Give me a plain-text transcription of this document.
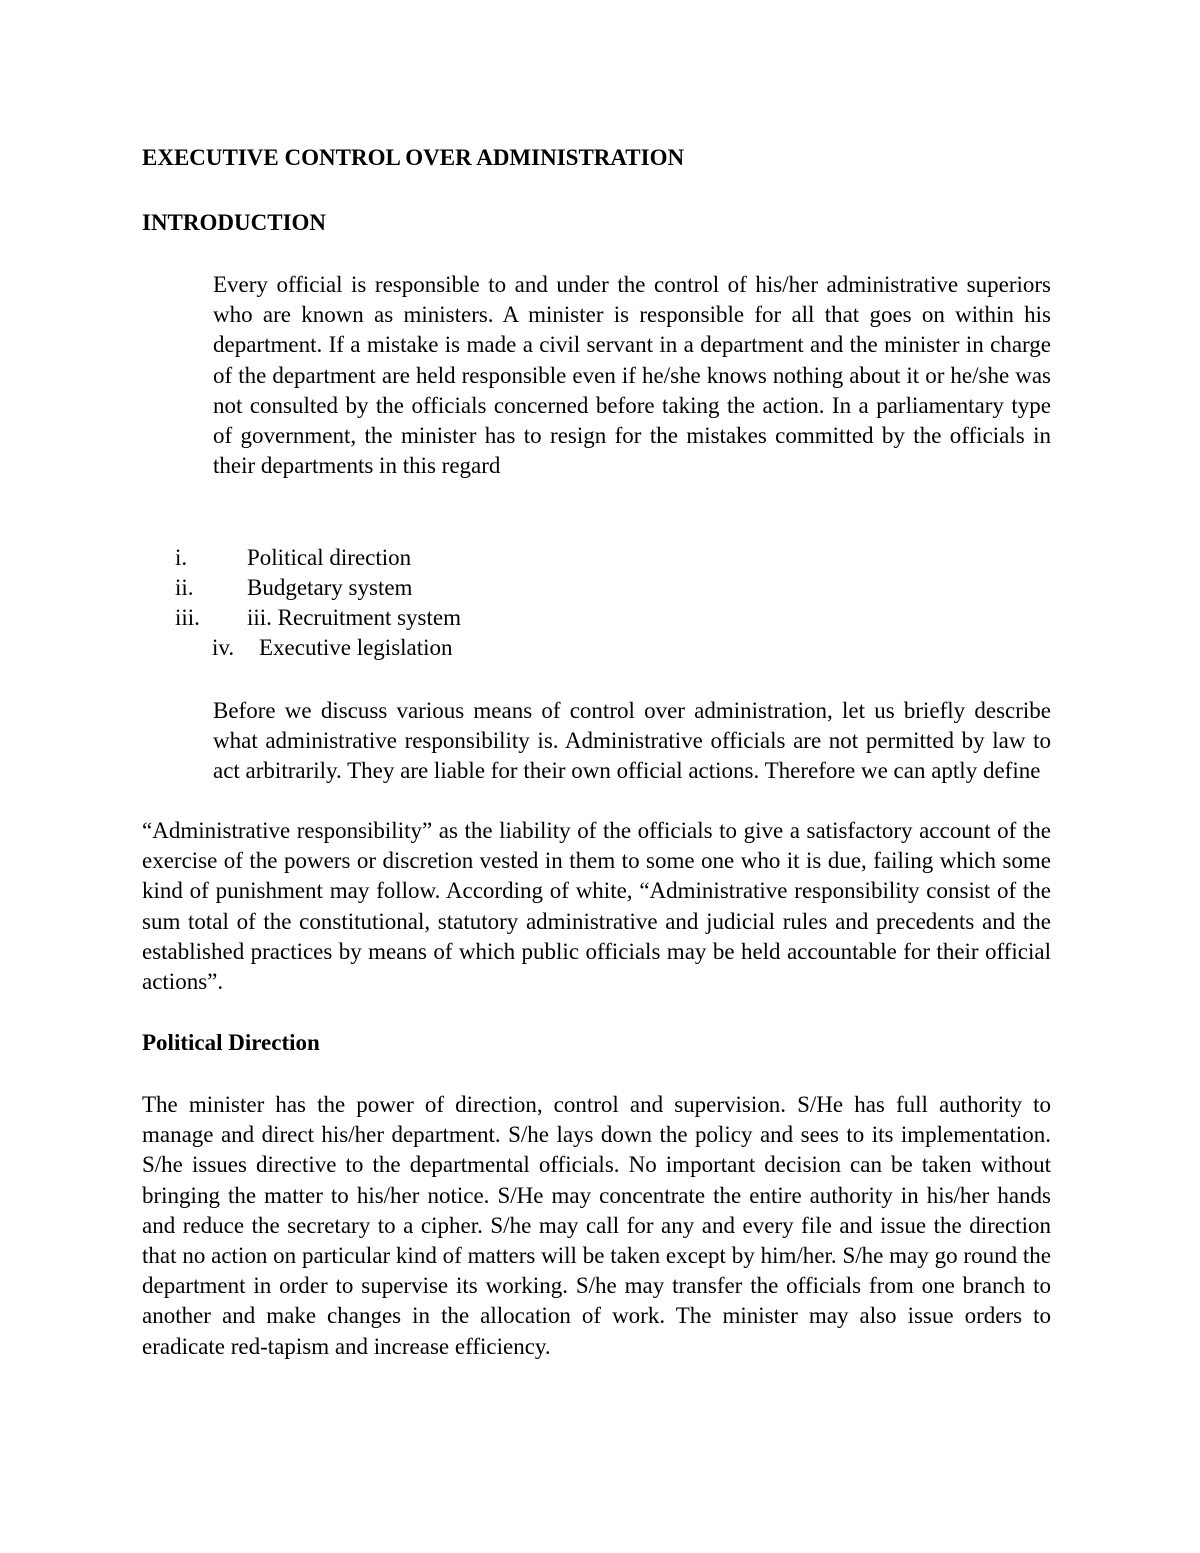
EXECUTIVE CONTROL OVER ADMINISTRATION
INTRODUCTION

Every official is responsible to and under the control of his/her administrative superiors who are known as ministers. A minister is responsible for all that goes on within his department. If a mistake is made a civil servant in a department and the minister in charge of the department are held responsible even if he/she knows nothing about it or he/she was not consulted by the officials concerned before taking the action. In a parliamentary type of government, the minister has to resign for the mistakes committed by the officials in their departments in this regard

i.	Political direction
ii. Budgetary system
iii. iii. Recruitment system
iv. Executive legislation

Before we discuss various means of control over administration, let us briefly describe what administrative responsibility is. Administrative officials are not permitted by law to act arbitrarily. They are liable for their own official actions. Therefore we can aptly define

“Administrative responsibility” as the liability of the officials to give a satisfactory account of the exercise of the powers or discretion vested in them to some one who it is due, failing which some kind of punishment may follow. According of white, “Administrative responsibility consist of the sum total of the constitutional, statutory administrative and judicial rules and precedents and the established practices by means of which public officials may be held accountable for their official actions”.

Political Direction

The minister has the power of direction, control and supervision. S/He has full authority to manage and direct his/her department. S/he lays down the policy and sees to its implementation. S/he issues directive to the departmental officials. No important decision can be taken without bringing the matter to his/her notice. S/He may concentrate the entire authority in his/her hands and reduce the secretary to a cipher. S/he may call for any and every file and issue the direction that no action on particular kind of matters will be taken except by him/her. S/he may go round the department in order to supervise its working. S/he may transfer the officials from one branch to another and make changes in the allocation of work. The minister may also issue orders to eradicate red-tapism and increase efficiency.
